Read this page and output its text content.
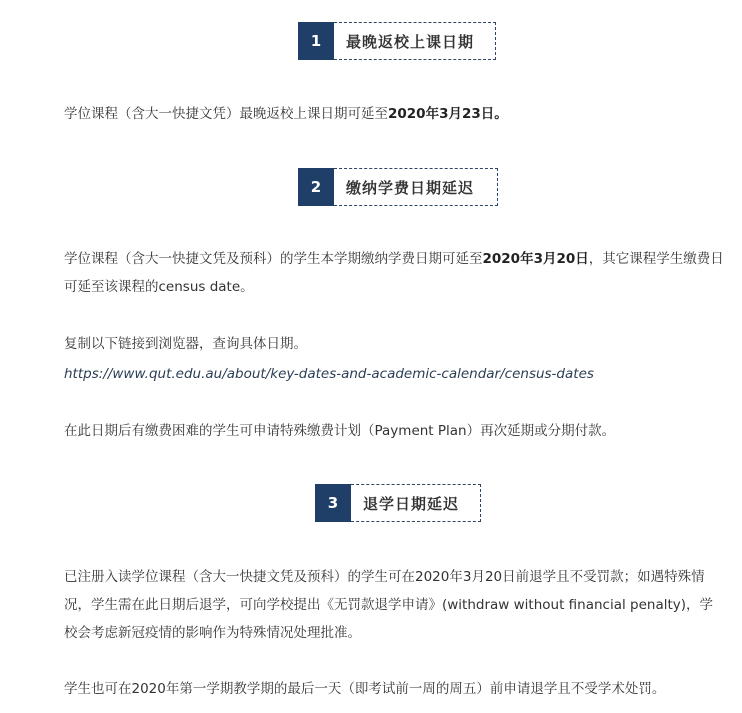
1	最晚返校上课日期

学位课程（含大一快捷文凭）最晚返校上课日期可延至2020年3月23日。

2	缴纳学费日期延迟

学位课程（含大一快捷文凭及预科）的学生本学期缴纳学费日期可延至2020年3月20日，其它课程学生缴费日可延至该课程的census date。

复制以下链接到浏览器，查询具体日期。

https://www.qut.edu.au/about/key-dates-and-academic-calendar/census-dates

在此日期后有缴费困难的学生可申请特殊缴费计划（Payment Plan）再次延期或分期付款。

3	退学日期延迟

已注册入读学位课程（含大一快捷文凭及预科）的学生可在2020年3月20日前退学且不受罚款；如遇特殊情况，学生需在此日期后退学，可向学校提出《无罚款退学申请》(withdraw without financial penalty)，学校会考虑新冠疫情的影响作为特殊情况处理批准。

学生也可在2020年第一学期教学期的最后一天（即考试前一周的周五）前申请退学且不受学术处罚。
